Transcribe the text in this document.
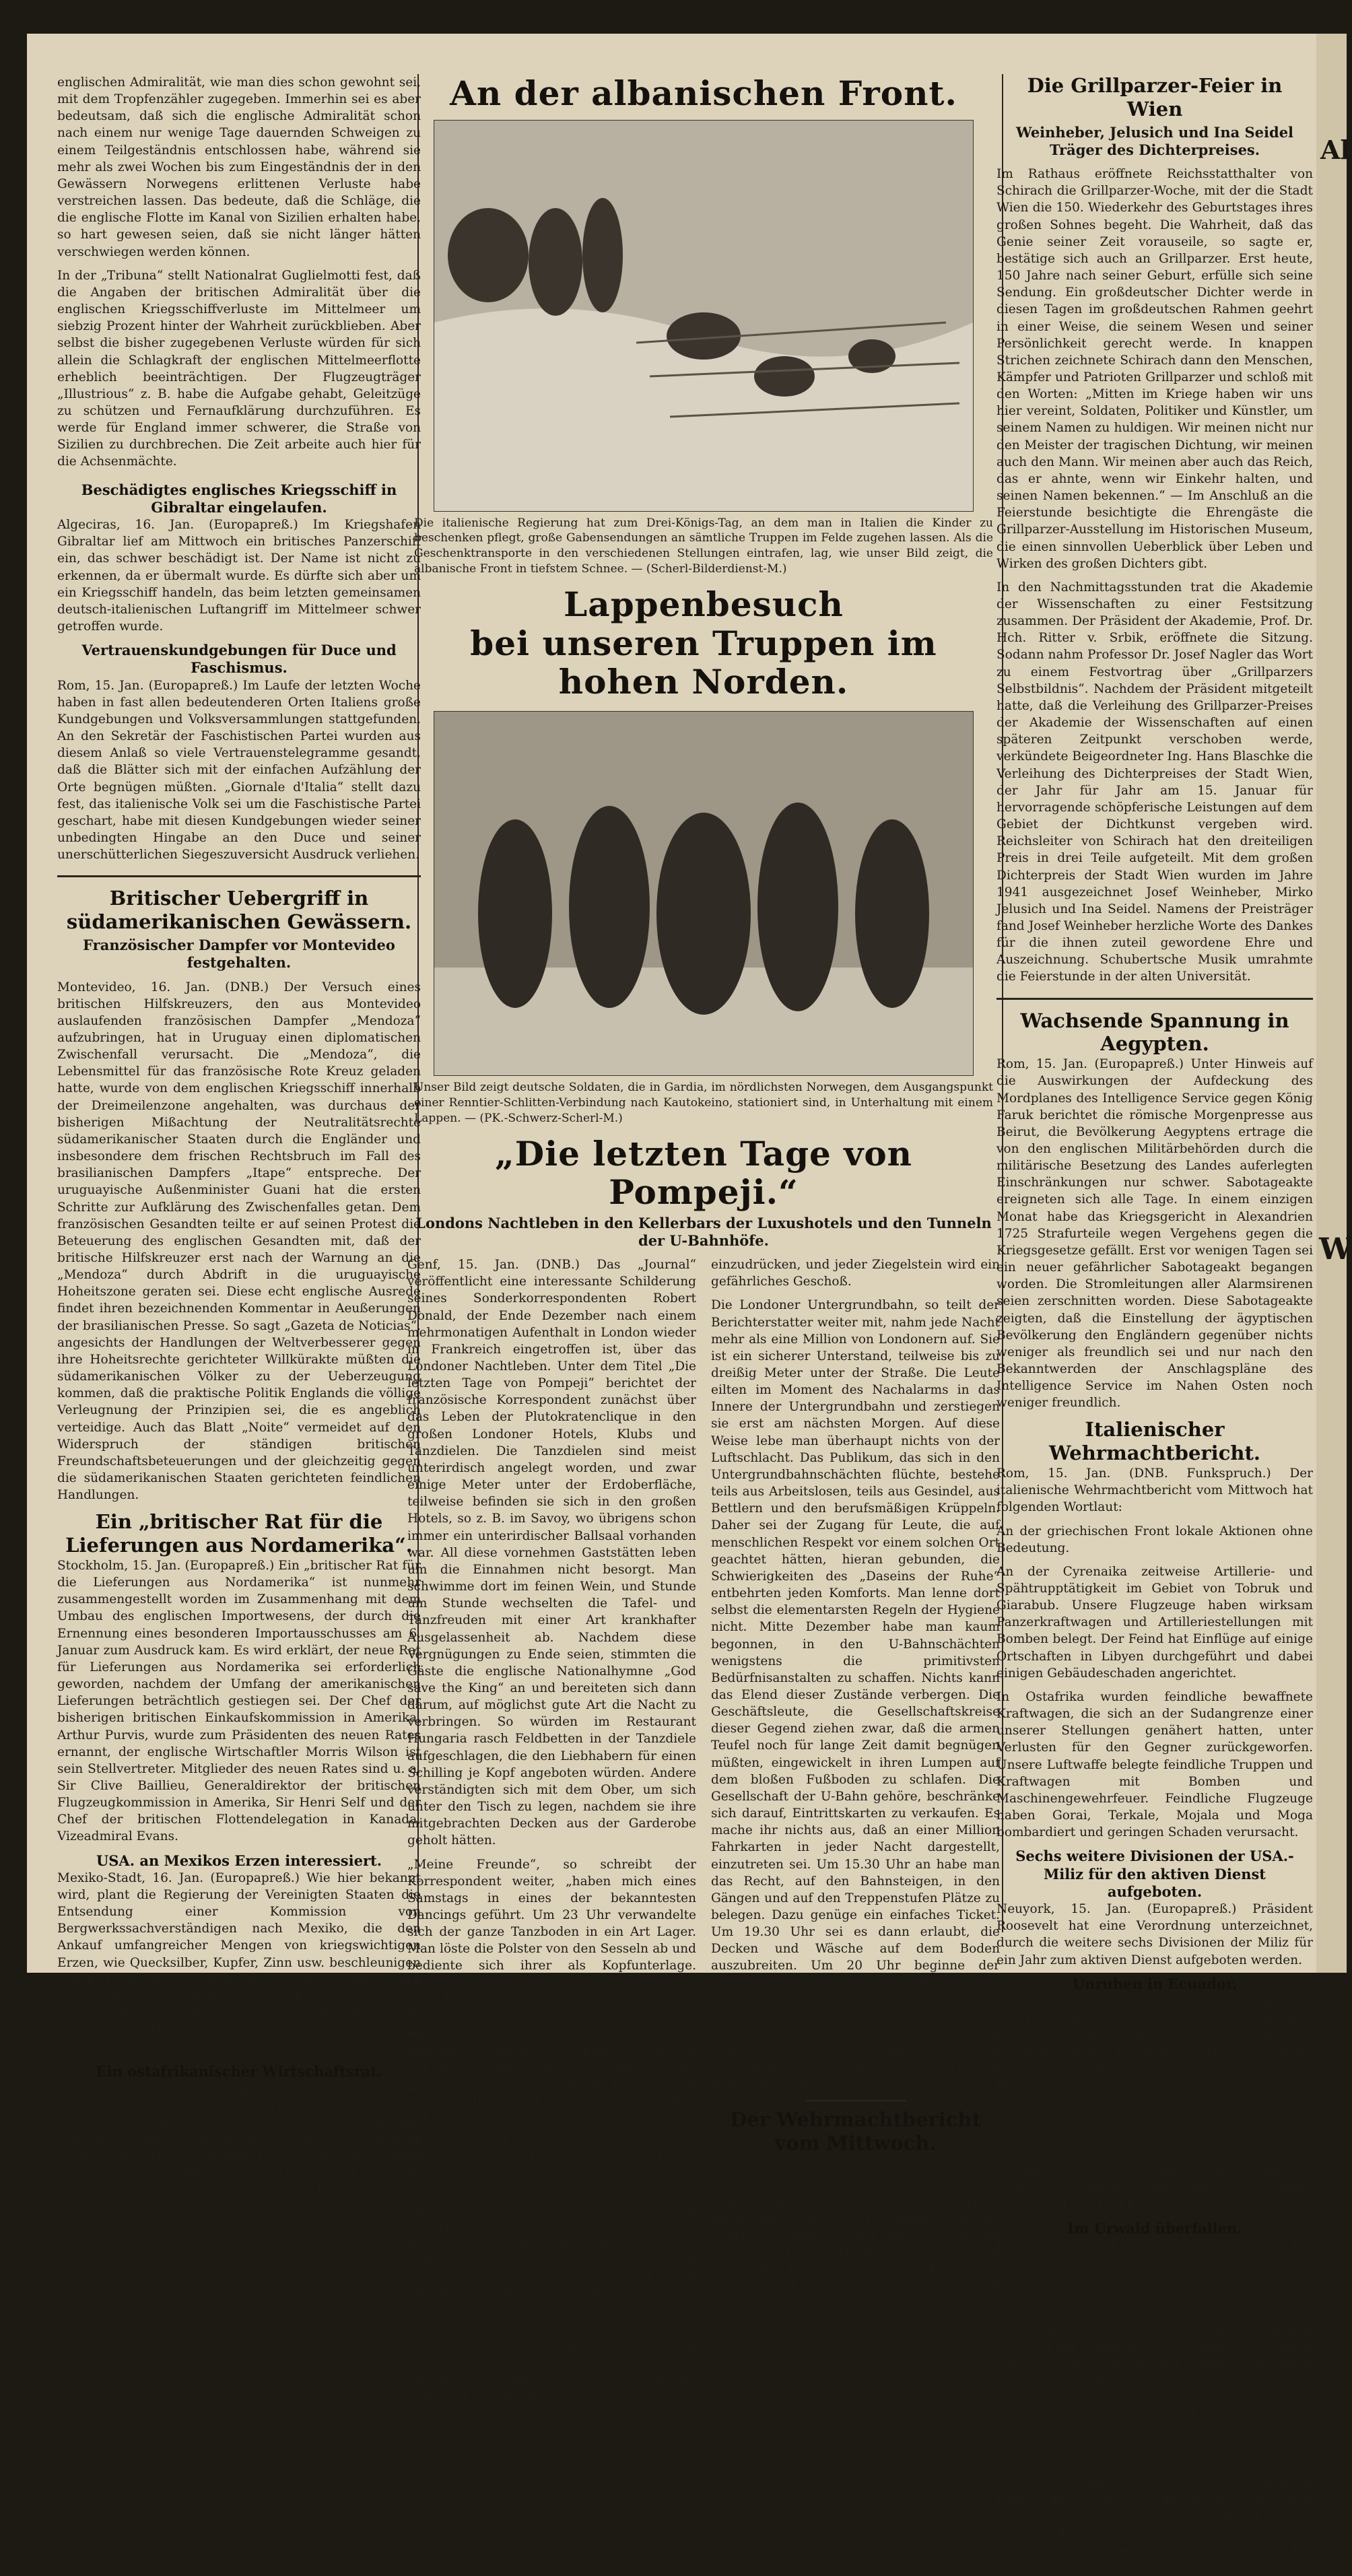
englischen Admiralität, wie man dies schon gewohnt sei, mit dem Tropfenzähler zugegeben. Immerhin sei es aber bedeutsam, daß sich die englische Admiralität schon nach einem nur wenige Tage dauernden Schweigen zu einem Teilgeständnis entschlossen habe, während sie mehr als zwei Wochen bis zum Eingeständnis der in den Gewässern Norwegens erlittenen Verluste habe verstreichen lassen. Das bedeute, daß die Schläge, die die englische Flotte im Kanal von Sizilien erhalten habe, so hart gewesen seien, daß sie nicht länger hätten verschwiegen werden können.

In der „Tribuna“ stellt Nationalrat Guglielmotti fest, daß die Angaben der britischen Admiralität über die englischen Kriegsschiffverluste im Mittelmeer um siebzig Prozent hinter der Wahrheit zurückblieben. Aber selbst die bisher zugegebenen Verluste würden für sich allein die Schlagkraft der englischen Mittelmeerflotte erheblich beeinträchtigen. Der Flugzeugträger „Illustrious“ z. B. habe die Aufgabe gehabt, Geleitzüge zu schützen und Fernaufklärung durchzuführen. Es werde für England immer schwerer, die Straße von Sizilien zu durchbrechen. Die Zeit arbeite auch hier für die Achsenmächte.

Beschädigtes englisches Kriegsschiff in Gibraltar eingelaufen.

Algeciras, 16. Jan. (Europapreß.) Im Kriegshafen Gibraltar lief am Mittwoch ein britisches Panzerschiff ein, das schwer beschädigt ist. Der Name ist nicht zu erkennen, da er übermalt wurde. Es dürfte sich aber um ein Kriegsschiff handeln, das beim letzten gemeinsamen deutsch-italienischen Luftangriff im Mittelmeer schwer getroffen wurde.

Vertrauenskundgebungen für Duce und Faschismus.

Rom, 15. Jan. (Europapreß.) Im Laufe der letzten Woche haben in fast allen bedeutenderen Orten Italiens große Kundgebungen und Volksversammlungen stattgefunden. An den Sekretär der Faschistischen Partei wurden aus diesem Anlaß so viele Vertrauenstelegramme gesandt, daß die Blätter sich mit der einfachen Aufzählung der Orte begnügen müßten. „Giornale d'Italia“ stellt dazu fest, das italienische Volk sei um die Faschistische Partei geschart, habe mit diesen Kundgebungen wieder seiner unbedingten Hingabe an den Duce und seiner unerschütterlichen Siegeszuversicht Ausdruck verliehen.

Britischer Uebergriff in südamerikanischen Gewässern.
Französischer Dampfer vor Montevideo festgehalten.

Montevideo, 16. Jan. (DNB.) Der Versuch eines britischen Hilfskreuzers, den aus Montevideo auslaufenden französischen Dampfer „Mendoza“ aufzubringen, hat in Uruguay einen diplomatischen Zwischenfall verursacht. Die „Mendoza“, die Lebensmittel für das französische Rote Kreuz geladen hatte, wurde von dem englischen Kriegsschiff innerhalb der Dreimeilenzone angehalten, was durchaus der bisherigen Mißachtung der Neutralitätsrechte südamerikanischer Staaten durch die Engländer und insbesondere dem frischen Rechtsbruch im Fall des brasilianischen Dampfers „Itape“ entspreche. Der uruguayische Außenminister Guani hat die ersten Schritte zur Aufklärung des Zwischenfalles getan. Dem französischen Gesandten teilte er auf seinen Protest die Beteuerung des englischen Gesandten mit, daß der britische Hilfskreuzer erst nach der Warnung an die „Mendoza“ durch Abdrift in die uruguayische Hoheitszone geraten sei. Diese echt englische Ausrede findet ihren bezeichnenden Kommentar in Aeußerungen der brasilianischen Presse. So sagt „Gazeta de Noticias“, angesichts der Handlungen der Weltverbesserer gegen ihre Hoheitsrechte gerichteter Willkürakte müßten die südamerikanischen Völker zu der Ueberzeugung kommen, daß die praktische Politik Englands die völlige Verleugnung der Prinzipien sei, die es angeblich verteidige. Auch das Blatt „Noite“ vermeidet auf den Widerspruch der ständigen britischen Freundschaftsbeteuerungen und der gleichzeitig gegen die südamerikanischen Staaten gerichteten feindlichen Handlungen.

Ein „britischer Rat für die Lieferungen aus Nordamerika“.

Stockholm, 15. Jan. (Europapreß.) Ein „britischer Rat für die Lieferungen aus Nordamerika“ ist nunmehr zusammengestellt worden im Zusammenhang mit dem Umbau des englischen Importwesens, der durch die Ernennung eines besonderen Importausschusses am 6. Januar zum Ausdruck kam. Es wird erklärt, der neue Rat für Lieferungen aus Nordamerika sei erforderlich geworden, nachdem der Umfang der amerikanischen Lieferungen beträchtlich gestiegen sei. Der Chef der bisherigen britischen Einkaufskommission in Amerika, Arthur Purvis, wurde zum Präsidenten des neuen Rates ernannt, der englische Wirtschaftler Morris Wilson ist sein Stellvertreter. Mitglieder des neuen Rates sind u. a. Sir Clive Baillieu, Generaldirektor der britischen Flugzeugkommission in Amerika, Sir Henri Self und der Chef der britischen Flottendelegation in Kanada, Vizeadmiral Evans.

USA. an Mexikos Erzen interessiert.

Mexiko-Stadt, 16. Jan. (Europapreß.) Wie hier bekannt wird, plant die Regierung der Vereinigten Staaten die Entsendung einer Kommission von Bergwerkssachverständigen nach Mexiko, die den Ankauf umfangreicher Mengen von kriegswichtigen Erzen, wie Quecksilber, Kupfer, Zinn usw. beschleunigen sollen. In interessierten mexikanischen Kreisen glaubt man, daß die USA.-Kommission auch die Aufgabe hat, eine erhöhte Produktion der mexikanischen Bergwerke zu erreichen, da ein großer Teil der mexikanischen Erze von der USA.-Kriegsindustrie notwendig gebraucht wird.

Ein ostafrikanischer Wirtschaftsrat.

Stockholm, 15. Jan. (Europapreß.) Die Gründung eines ostafrikanischen Industrie- und Wirtschaftsrates wird in Nairobi bekanntgegeben. Zu dem Rat haben Tanganjika, Uganda, Nordrhodesien und Njassa-Land sowie Sansibar bereits ihre Vertreter ernannt. Das Gremium beschäftigt sich neben industriellen Fragen auch mit den Fragen der Importkontrolle, der Währung, der Wechselkurse sowie der Deckung des zivilen Bedarfes.

An der albanischen Front.
Die italienische Regierung hat zum Drei-Königs-Tag, an dem man in Italien die Kinder zu beschenken pflegt, große Gabensendungen an sämtliche Truppen im Felde zugehen lassen. Als die Geschenktransporte in den verschiedenen Stellungen eintrafen, lag, wie unser Bild zeigt, die albanische Front in tiefstem Schnee. — (Scherl-Bilderdienst-M.)
Lappenbesuch
bei unseren Truppen im hohen Norden.
Unser Bild zeigt deutsche Soldaten, die in Gardia, im nördlichsten Norwegen, dem Ausgangspunkt einer Renntier-Schlitten-Verbindung nach Kautokeino, stationiert sind, in Unterhaltung mit einem Lappen. — (PK.-Schwerz-Scherl-M.)
„Die letzten Tage von Pompeji.“
Londons Nachtleben in den Kellerbars der Luxushotels und den Tunneln der U-Bahnhöfe.

Genf, 15. Jan. (DNB.) Das „Journal“ veröffentlicht eine interessante Schilderung seines Sonderkorrespondenten Robert Donald, der Ende Dezember nach einem mehrmonatigen Aufenthalt in London wieder in Frankreich eingetroffen ist, über das Londoner Nachtleben. Unter dem Titel „Die letzten Tage von Pompeji“ berichtet der französische Korrespondent zunächst über das Leben der Plutokratenclique in den großen Londoner Hotels, Klubs und Tanzdielen. Die Tanzdielen sind meist unterirdisch angelegt worden, und zwar einige Meter unter der Erdoberfläche, teilweise befinden sie sich in den großen Hotels, so z. B. im Savoy, wo übrigens schon immer ein unterirdischer Ballsaal vorhanden war. All diese vornehmen Gaststätten leben um die Einnahmen nicht besorgt. Man schwimme dort im feinen Wein, und Stunde um Stunde wechselten die Tafel- und Tanzfreuden mit einer Art krankhafter Ausgelassenheit ab. Nachdem diese Vergnügungen zu Ende seien, stimmten die Gäste die englische Nationalhymne „God save the King“ an und bereiteten sich dann darum, auf möglichst gute Art die Nacht zu verbringen. So würden im Restaurant Hungaria rasch Feldbetten in der Tanzdiele aufgeschlagen, die den Liebhabern für einen Schilling je Kopf angeboten würden. Andere verständigten sich mit dem Ober, um sich unter den Tisch zu legen, nachdem sie ihre mitgebrachten Decken aus der Garderobe geholt hätten.

„Meine Freunde“, so schreibt der Korrespondent weiter, „haben mich eines Samstags in eines der bekanntesten Dancings geführt. Um 23 Uhr verwandelte sich der ganze Tanzboden in ein Art Lager. Man löste die Polster von den Sesseln ab und bediente sich ihrer als Kopfunterlage. Hierauf wurden mitgebrachte Decken auf dem Boden ausgebreitet, worauf sich die Paare dort zum Schlafen niederlegten. Die Angestellten drehten das Licht aus und ... England, das puritanische England, hat sich mit diesen Sitten bereits abgefunden, und man hat den Eindruck, daß der Kampf gegen die Prostitution aufgegeben hat. Man lebt auf einem Vulkan.“

Sie fragen mich vielleicht was denn mit den Arbeitern, mit den Händlern, mit den kleinen Büroangestellten geschehe. Die einen bleiben zu Hause, die anderen suchen die öffentlichen Unterstände auf, die in den Kellern größerer Gebäude und in den U-Bahnstationen eingerichtet sind. Die Stadt London hat vor dem Krieg hunderte von Millionen ausgegeben, um auf den öffentlichen Plätzen Unterstände aus Ziegelsteinen aufzurichten, die man nie benutzen wollte. Die Leute legen, die Sicherheit im Freien sei größer als in diesen Ziegelbauten. Denn wenn eine Bombe in der Nachbarschaft niedergeht, so genügt der Luftdruck, um die Mauern

einzudrücken, und jeder Ziegelstein wird ein gefährliches Geschoß.

Die Londoner Untergrundbahn, so teilt der Berichterstatter weiter mit, nahm jede Nacht mehr als eine Million von Londonern auf. Sie ist ein sicherer Unterstand, teilweise bis zu dreißig Meter unter der Straße. Die Leute eilten im Moment des Nachalarms in das Innere der Untergrundbahn und zerstiegen sie erst am nächsten Morgen. Auf diese Weise lebe man überhaupt nichts von der Luftschlacht. Das Publikum, das sich in den Untergrundbahnschächten flüchte, bestehe teils aus Arbeitslosen, teils aus Gesindel, aus Bettlern und den berufsmäßigen Krüppeln. Daher sei der Zugang für Leute, die auf menschlichen Respekt vor einem solchen Ort geachtet hätten, hieran gebunden, die Schwierigkeiten des „Daseins der Ruhe“ entbehrten jeden Komforts. Man lenne dort selbst die elementarsten Regeln der Hygiene nicht. Mitte Dezember habe man kaum begonnen, in den U-Bahnschächten wenigstens die primitivsten Bedürfnisanstalten zu schaffen. Nichts kann das Elend dieser Zustände verbergen. Die Geschäftsleute, die Gesellschaftskreise dieser Gegend ziehen zwar, daß die armen Teufel noch für lange Zeit damit begnügen müßten, eingewickelt in ihren Lumpen auf dem bloßen Fußboden zu schlafen. Die Gesellschaft der U-Bahn gehöre, beschränke sich darauf, Eintrittskarten zu verkaufen. Es mache ihr nichts aus, daß an einer Million Fahrkarten in jeder Nacht dargestellt, einzutreten sei. Um 15.30 Uhr an habe man das Recht, auf den Bahnsteigen, in den Gängen und auf den Treppenstufen Plätze zu belegen. Dazu genüge ein einfaches Ticket. Um 19.30 Uhr sei es dann erlaubt, die Decken und Wäsche auf dem Boden auszubreiten. Um 20 Uhr beginne der ununterbrochene Strom der Penner und Bettler, welche sich zur Schwelle der Ausgangstore. Die Londoner Zeitungen hätten mehre Wunder an Bettlern, Landstreichern und Kranken in den Schächten, so daß man kaum noch den Körper der Schlafenden zu stürzen wage.

Der Wehrmachtbericht
vom Mittwoch.

Berlin, 15. Januar. (DNB. Funkspruch.) Das Oberkommando der Wehrmacht gibt bekannt: Infolge der ungünstigen Wetterlage wurde im Laufe des 14. Januar von der deutschen Luftwaffe nur über Südengland aufgeklärt. Hierbei konnte die gute Wirkung der in den letzten Nächten durchgeführten Angriffe auf kriegswichtige Ziele in Plymouth und Portsmouth festgestellt werden.

Die Grillparzer-Feier in Wien
Weinheber, Jelusich und Ina Seidel Träger des Dichterpreises.

Im Rathaus eröffnete Reichsstatthalter von Schirach die Grillparzer-Woche, mit der die Stadt Wien die 150. Wiederkehr des Geburtstages ihres großen Sohnes begeht. Die Wahrheit, daß das Genie seiner Zeit vorauseile, so sagte er, bestätige sich auch an Grillparzer. Erst heute, 150 Jahre nach seiner Geburt, erfülle sich seine Sendung. Ein großdeutscher Dichter werde in diesen Tagen im großdeutschen Rahmen geehrt in einer Weise, die seinem Wesen und seiner Persönlichkeit gerecht werde. In knappen Strichen zeichnete Schirach dann den Menschen, Kämpfer und Patrioten Grillparzer und schloß mit den Worten: „Mitten im Kriege haben wir uns hier vereint, Soldaten, Politiker und Künstler, um seinem Namen zu huldigen. Wir meinen nicht nur den Meister der tragischen Dichtung, wir meinen auch den Mann. Wir meinen aber auch das Reich, das er ahnte, wenn wir Einkehr halten, und seinen Namen bekennen.“ — Im Anschluß an die Feierstunde besichtigte die Ehrengäste die Grillparzer-Ausstellung im Historischen Museum, die einen sinnvollen Ueberblick über Leben und Wirken des großen Dichters gibt.

In den Nachmittagsstunden trat die Akademie der Wissenschaften zu einer Festsitzung zusammen. Der Präsident der Akademie, Prof. Dr. Hch. Ritter v. Srbik, eröffnete die Sitzung. Sodann nahm Professor Dr. Josef Nagler das Wort zu einem Festvortrag über „Grillparzers Selbstbildnis“. Nachdem der Präsident mitgeteilt hatte, daß die Verleihung des Grillparzer-Preises der Akademie der Wissenschaften auf einen späteren Zeitpunkt verschoben werde, verkündete Beigeordneter Ing. Hans Blaschke die Verleihung des Dichterpreises der Stadt Wien, der Jahr für Jahr am 15. Januar für hervorragende schöpferische Leistungen auf dem Gebiet der Dichtkunst vergeben wird. Reichsleiter von Schirach hat den dreiteiligen Preis in drei Teile aufgeteilt. Mit dem großen Dichterpreis der Stadt Wien wurden im Jahre 1941 ausgezeichnet Josef Weinheber, Mirko Jelusich und Ina Seidel. Namens der Preisträger fand Josef Weinheber herzliche Worte des Dankes für die ihnen zuteil gewordene Ehre und Auszeichnung. Schubertsche Musik umrahmte die Feierstunde in der alten Universität.

Wachsende Spannung in Aegypten.

Rom, 15. Jan. (Europapreß.) Unter Hinweis auf die Auswirkungen der Aufdeckung des Mordplanes des Intelligence Service gegen König Faruk berichtet die römische Morgenpresse aus Beirut, die Bevölkerung Aegyptens ertrage die von den englischen Militärbehörden durch die militärische Besetzung des Landes auferlegten Einschränkungen nur schwer. Sabotageakte ereigneten sich alle Tage. In einem einzigen Monat habe das Kriegsgericht in Alexandrien 1725 Strafurteile wegen Vergehens gegen die Kriegsgesetze gefällt. Erst vor wenigen Tagen sei ein neuer gefährlicher Sabotageakt begangen worden. Die Stromleitungen aller Alarmsirenen seien zerschnitten worden. Diese Sabotageakte zeigten, daß die Einstellung der ägyptischen Bevölkerung den Engländern gegenüber nichts weniger als freundlich sei und nur nach den Bekanntwerden der Anschlagspläne des Intelligence Service im Nahen Osten noch weniger freundlich.

Italienischer Wehrmachtbericht.

Rom, 15. Jan. (DNB. Funkspruch.) Der italienische Wehrmachtbericht vom Mittwoch hat folgenden Wortlaut:

An der griechischen Front lokale Aktionen ohne Bedeutung.

An der Cyrenaika zeitweise Artillerie- und Spähtrupptätigkeit im Gebiet von Tobruk und Giarabub. Unsere Flugzeuge haben wirksam Panzerkraftwagen und Artilleriestellungen mit Bomben belegt. Der Feind hat Einflüge auf einige Ortschaften in Libyen durchgeführt und dabei einigen Gebäudeschaden angerichtet.

In Ostafrika wurden feindliche bewaffnete Kraftwagen, die sich an der Sudangrenze einer unserer Stellungen genähert hatten, unter Verlusten für den Gegner zurückgeworfen. Unsere Luftwaffe belegte feindliche Truppen und Kraftwagen mit Bomben und Maschinengewehrfeuer. Feindliche Flugzeuge haben Gorai, Terkale, Mojala und Moga bombardiert und geringen Schaden verursacht.

Sechs weitere Divisionen der USA.-Miliz für den aktiven Dienst aufgeboten.

Neuyork, 15. Jan. (Europapreß.) Präsident Roosevelt hat eine Verordnung unterzeichnet, durch die weitere sechs Divisionen der Miliz für ein Jahr zum aktiven Dienst aufgeboten werden.

Unruhen in Ecuador.

Lima, 14. Januar. (DNB.) In Quito, der Hauptstadt der Republik Ecuador, brachen anläßlich einer Rede des Staatspräsidenten Arroyo del Rio vor der Nationalgarde Unruhen aus. Die Kundgebung verwandelte sich in eine Meuterei, und eine aus Mitgliedern der Garde bestehende Volksmenge rief Fliegern, die seit einem Jahr wegen Teilnahme an einem Aufstandsversuch im Gefängnis saßen, die Freiheit. Es wurden 2 Tote und 36 Verwundete gemeldet. Der Staatsrat bewilligte der Regierung außerordentliche Vollmachten, darunter den Einsatz von Militär, für die Zeit von fünf Monaten.

Im Urwald überfallen.

Rio de Janeiro, 14. Jan. (Europapreß.) Ganz Rio spricht von einem dramatischen Kampf zwischen Indianern und einer brasilianischen Grenzziehungskommission. Ein Funkspruch der Kommission besagt, daß ihr Aufenthalt an der venezolanischen Grenze von Indianern überfallen wurde. Fünf Mitglieder der Kommission erlitten schwere Verletzungen und Lähmungen durch vergiftete Pfeile, mit denen die Indianer schossen. Es gelang den Ueberfallenen zwar, sich notdürftig zu verschanzen und die Angreifer mit Gewehrschüssen abzuwehren, doch war der Widerstand nur von kurzer Dauer. Die Indianer haben inzwischen neue Angriffe gestartet. Erst nach vier Tagen gelang es, von den Indianern Umzingelten, ihren Hilferuf in die Welt hinauszugeben. Ein sofort entsandtes Flugzeug hat erste Rettungsaktionen eingeleitet, jedoch ist es bis zum gestrigen Tage nur gegen den Tag gelungen, den ganzen brasilianischen

Al
W
